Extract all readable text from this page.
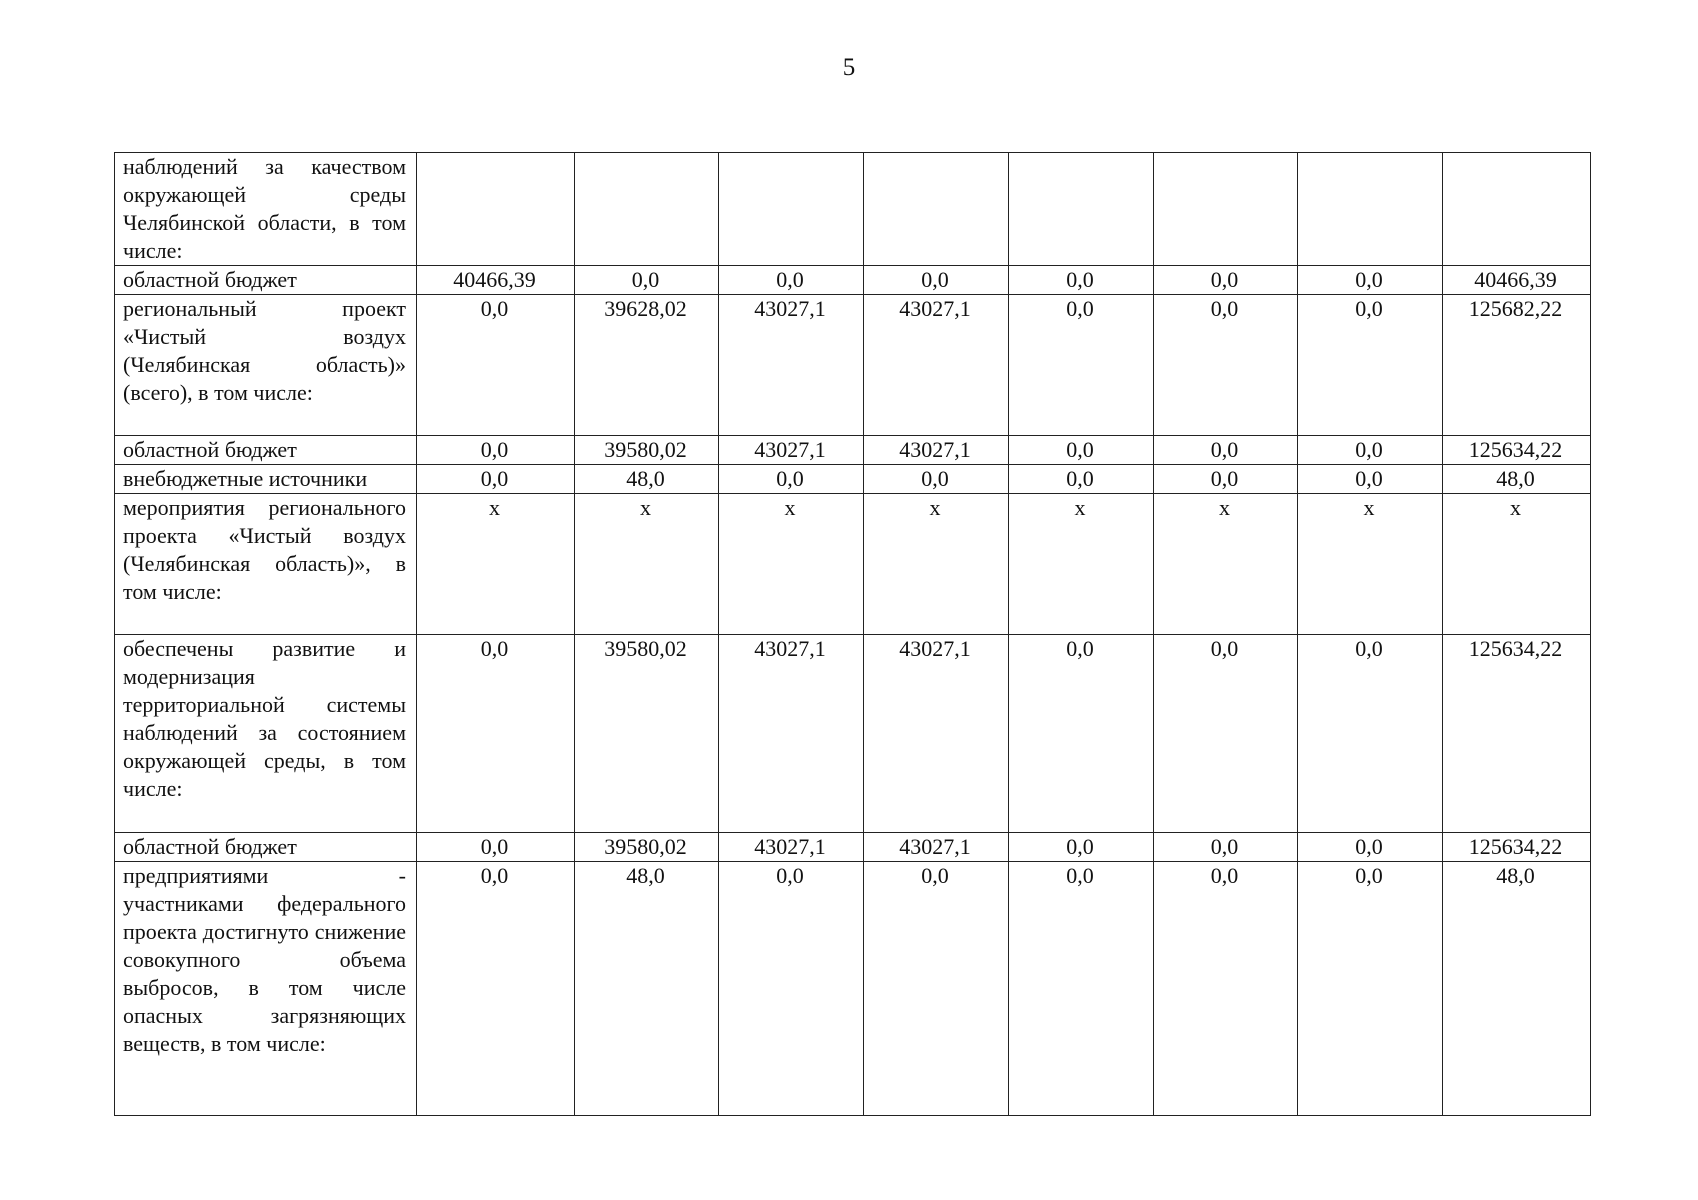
5
наблюдений за качеством окружающей среды Челябинской области, в том числе:								
областной бюджет	40466,39	0,0	0,0	0,0	0,0	0,0	0,0	40466,39
региональный проект «Чистый воздух (Челябинская область)» (всего), в том числе:	0,0	39628,02	43027,1	43027,1	0,0	0,0	0,0	125682,22
областной бюджет	0,0	39580,02	43027,1	43027,1	0,0	0,0	0,0	125634,22
внебюджетные источники	0,0	48,0	0,0	0,0	0,0	0,0	0,0	48,0
мероприятия регионального проекта «Чистый воздух (Челябинская область)», в том числе:	х	х	х	х	х	х	х	х
обеспечены развитие и модернизация территориальной системы наблюдений за состоянием окружающей среды, в том числе:	0,0	39580,02	43027,1	43027,1	0,0	0,0	0,0	125634,22
областной бюджет	0,0	39580,02	43027,1	43027,1	0,0	0,0	0,0	125634,22
предприятиями - участниками федерального проекта достигнуто снижение совокупного объема выбросов, в том числе опасных загрязняющих веществ, в том числе:	0,0	48,0	0,0	0,0	0,0	0,0	0,0	48,0
